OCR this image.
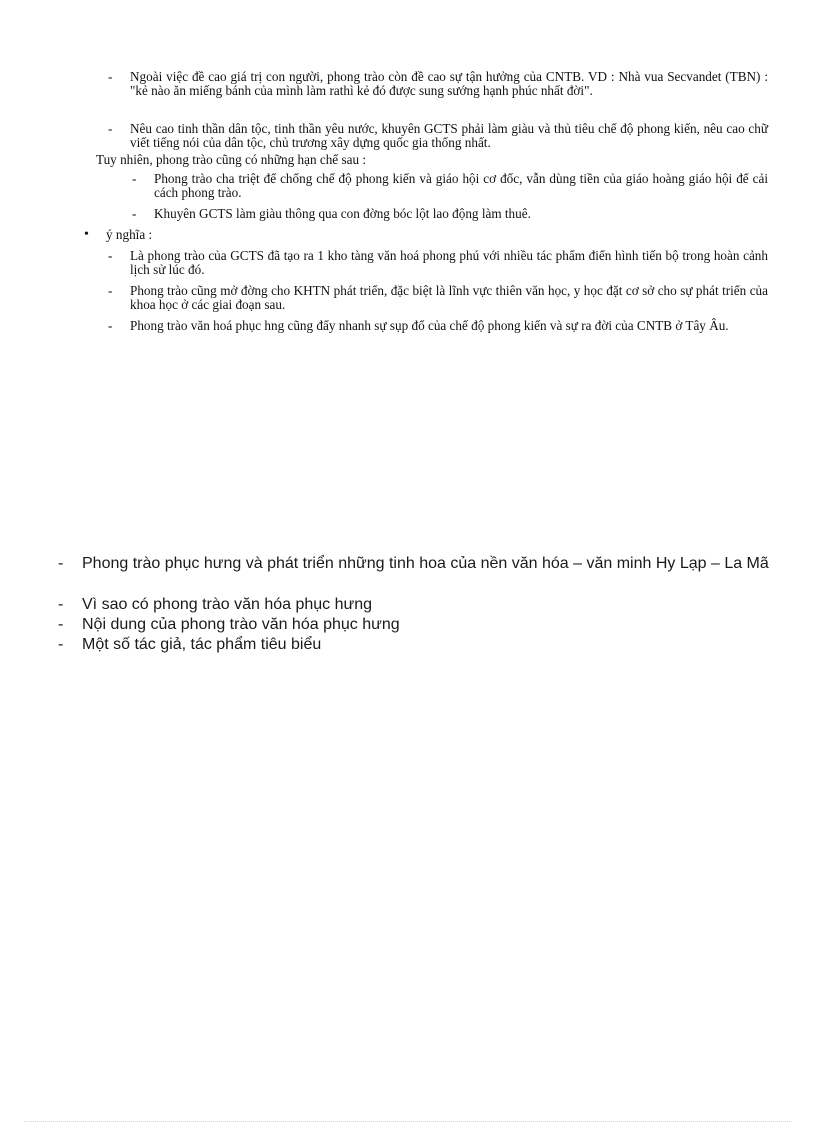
-	Ngoài việc đề cao giá trị con người, phong trào còn đề cao sự tận hưởng của CNTB. VD : Nhà vua Secvandet (TBN) : "kẻ nào ăn miếng bánh của mình làm rathì kẻ đó được sung sướng hạnh phúc nhất đời".
-	Nêu cao tinh thần dân tộc, tinh thần yêu nước, khuyên GCTS phải làm giàu và thủ tiêu chế độ phong kiến, nêu cao chữ viết tiếng nói của dân tộc, chủ trương xây dựng quốc gia thống nhất.
Tuy nhiên, phong trào cũng có những hạn chế sau :
-	Phong trào cha triệt để chống chế độ phong kiến và giáo hội cơ đốc, vẫn dùng tiền của giáo hoàng giáo hội để cải cách phong trào.
-	Khuyên GCTS làm giàu thông qua con đờng bóc lột lao động làm thuê.
•	ý nghĩa :
-	Là phong trào của GCTS đã tạo ra 1 kho tàng văn hoá phong phú với nhiều tác phẩm điển hình tiến bộ trong hoàn cảnh lịch sử lúc đó.
-	Phong trào cũng mở đờng cho KHTN phát triển, đặc biệt là lĩnh vực thiên văn học, y học đặt cơ sở cho sự phát triển của khoa học ở các giai đoạn sau.
-	Phong trào văn hoá phục hng cũng đẩy nhanh sự sụp đổ của chế độ phong kiến và sự ra đời của CNTB ở Tây Âu.
-	Phong trào phục hưng và phát triển những tinh hoa của nền văn hóa – văn minh Hy Lạp – La Mã
-	Vì sao có phong trào văn hóa phục hưng
-	Nội dung của phong trào văn hóa phục hưng
-	Một số tác giả, tác phẩm tiêu biểu
